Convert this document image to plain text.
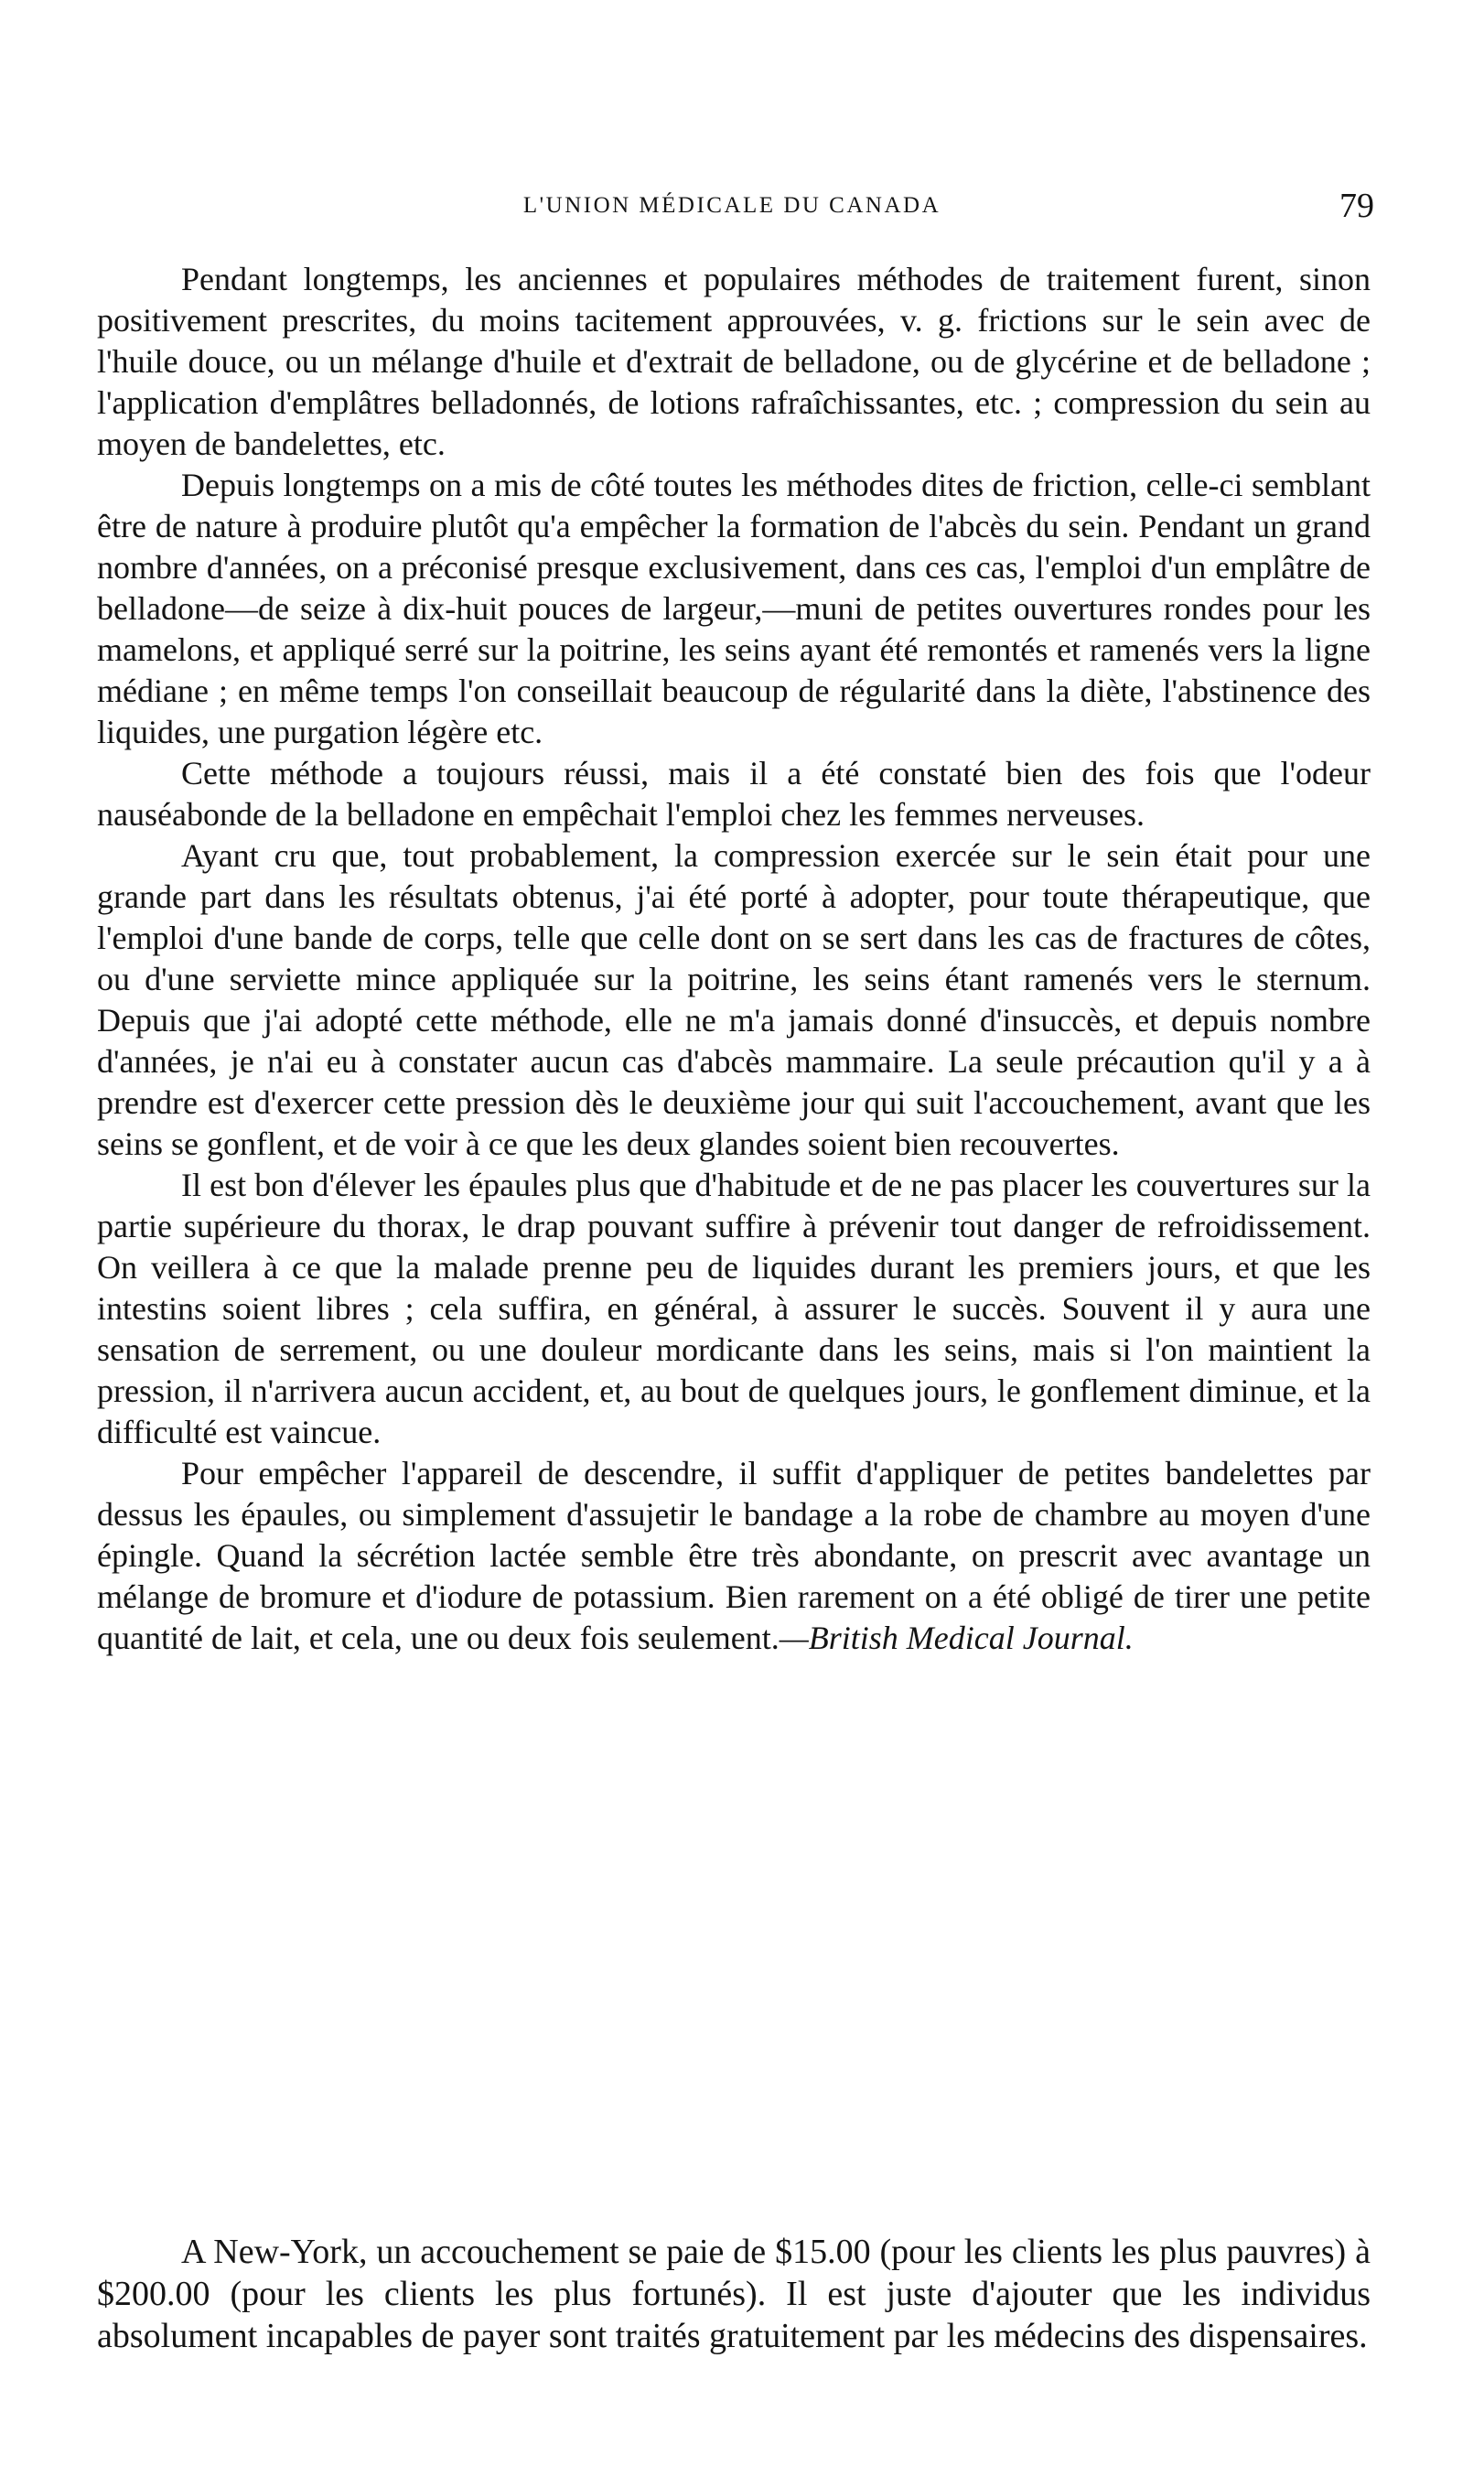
L'UNION MÉDICALE DU CANADA	79

Pendant longtemps, les anciennes et populaires méthodes de traitement furent, sinon positivement prescrites, du moins tacitement approuvées, v. g. frictions sur le sein avec de l'huile douce, ou un mélange d'huile et d'extrait de belladone, ou de glycérine et de belladone ; l'application d'emplâtres belladonnés, de lotions rafraîchissantes, etc. ; compression du sein au moyen de bandelettes, etc.

Depuis longtemps on a mis de côté toutes les méthodes dites de friction, celle-ci semblant être de nature à produire plutôt qu'a empêcher la formation de l'abcès du sein. Pendant un grand nombre d'années, on a préconisé presque exclusivement, dans ces cas, l'emploi d'un emplâtre de belladone—de seize à dix-huit pouces de largeur,—muni de petites ouvertures rondes pour les mamelons, et appliqué serré sur la poitrine, les seins ayant été remontés et ramenés vers la ligne médiane ; en même temps l'on conseillait beaucoup de régularité dans la diète, l'abstinence des liquides, une purgation légère etc.

Cette méthode a toujours réussi, mais il a été constaté bien des fois que l'odeur nauséabonde de la belladone en empêchait l'emploi chez les femmes nerveuses.

Ayant cru que, tout probablement, la compression exercée sur le sein était pour une grande part dans les résultats obtenus, j'ai été porté à adopter, pour toute thérapeutique, que l'emploi d'une bande de corps, telle que celle dont on se sert dans les cas de fractures de côtes, ou d'une serviette mince appliquée sur la poitrine, les seins étant ramenés vers le sternum. Depuis que j'ai adopté cette méthode, elle ne m'a jamais donné d'insuccès, et depuis nombre d'années, je n'ai eu à constater aucun cas d'abcès mammaire. La seule précaution qu'il y a à prendre est d'exercer cette pression dès le deuxième jour qui suit l'accouchement, avant que les seins se gonflent, et de voir à ce que les deux glandes soient bien recouvertes.

Il est bon d'élever les épaules plus que d'habitude et de ne pas placer les couvertures sur la partie supérieure du thorax, le drap pouvant suffire à prévenir tout danger de refroidissement. On veillera à ce que la malade prenne peu de liquides durant les premiers jours, et que les intestins soient libres ; cela suffira, en général, à assurer le succès. Souvent il y aura une sensation de serrement, ou une douleur mordicante dans les seins, mais si l'on maintient la pression, il n'arrivera aucun accident, et, au bout de quelques jours, le gonflement diminue, et la difficulté est vaincue.

Pour empêcher l'appareil de descendre, il suffit d'appliquer de petites bandelettes par dessus les épaules, ou simplement d'assujetir le bandage a la robe de chambre au moyen d'une épingle. Quand la sécrétion lactée semble être très abondante, on prescrit avec avantage un mélange de bromure et d'iodure de potassium. Bien rarement on a été obligé de tirer une petite quantité de lait, et cela, une ou deux fois seulement.—British Medical Journal.

A New-York, un accouchement se paie de $15.00 (pour les clients les plus pauvres) à $200.00 (pour les clients les plus fortunés). Il est juste d'ajouter que les individus absolument incapables de payer sont traités gratuitement par les médecins des dispensaires.
